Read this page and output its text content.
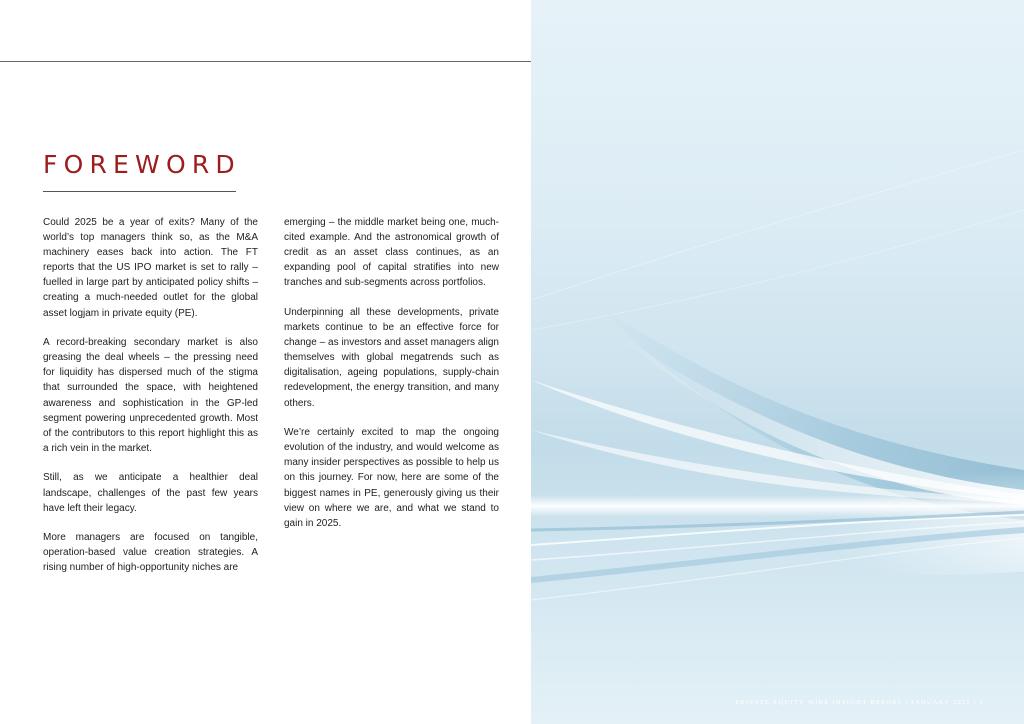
FOREWORD

Could 2025 be a year of exits? Many of the world’s top managers think so, as the M&A machinery eases back into action. The FT reports that the US IPO market is set to rally – fuelled in large part by anticipated policy shifts – creating a much-needed outlet for the global asset logjam in private equity (PE).

A record-breaking secondary market is also greasing the deal wheels – the pressing need for liquidity has dispersed much of the stigma that surrounded the space, with heightened awareness and sophistication in the GP-led segment powering unprecedented growth. Most of the contributors to this report highlight this as a rich vein in the market.

Still, as we anticipate a healthier deal landscape, challenges of the past few years have left their legacy.

More managers are focused on tangible, operation-based value creation strategies. A rising number of high-opportunity niches are

emerging – the middle market being one, much-cited example. And the astronomical growth of credit as an asset class continues, as an expanding pool of capital stratifies into new tranches and sub-segments across portfolios.

Underpinning all these developments, private markets continue to be an effective force for change – as investors and asset managers align themselves with global megatrends such as digitalisation, ageing populations, supply-chain redevelopment, the energy transition, and many others.

We’re certainly excited to map the ongoing evolution of the industry, and would welcome as many insider perspectives as possible to help us on this journey. For now, here are some of the biggest names in PE, generously giving us their view on where we are, and what we stand to gain in 2025.

PRIVATE EQUITY WIRE INSIGHT REPORT | JANUARY 2025 | 3
